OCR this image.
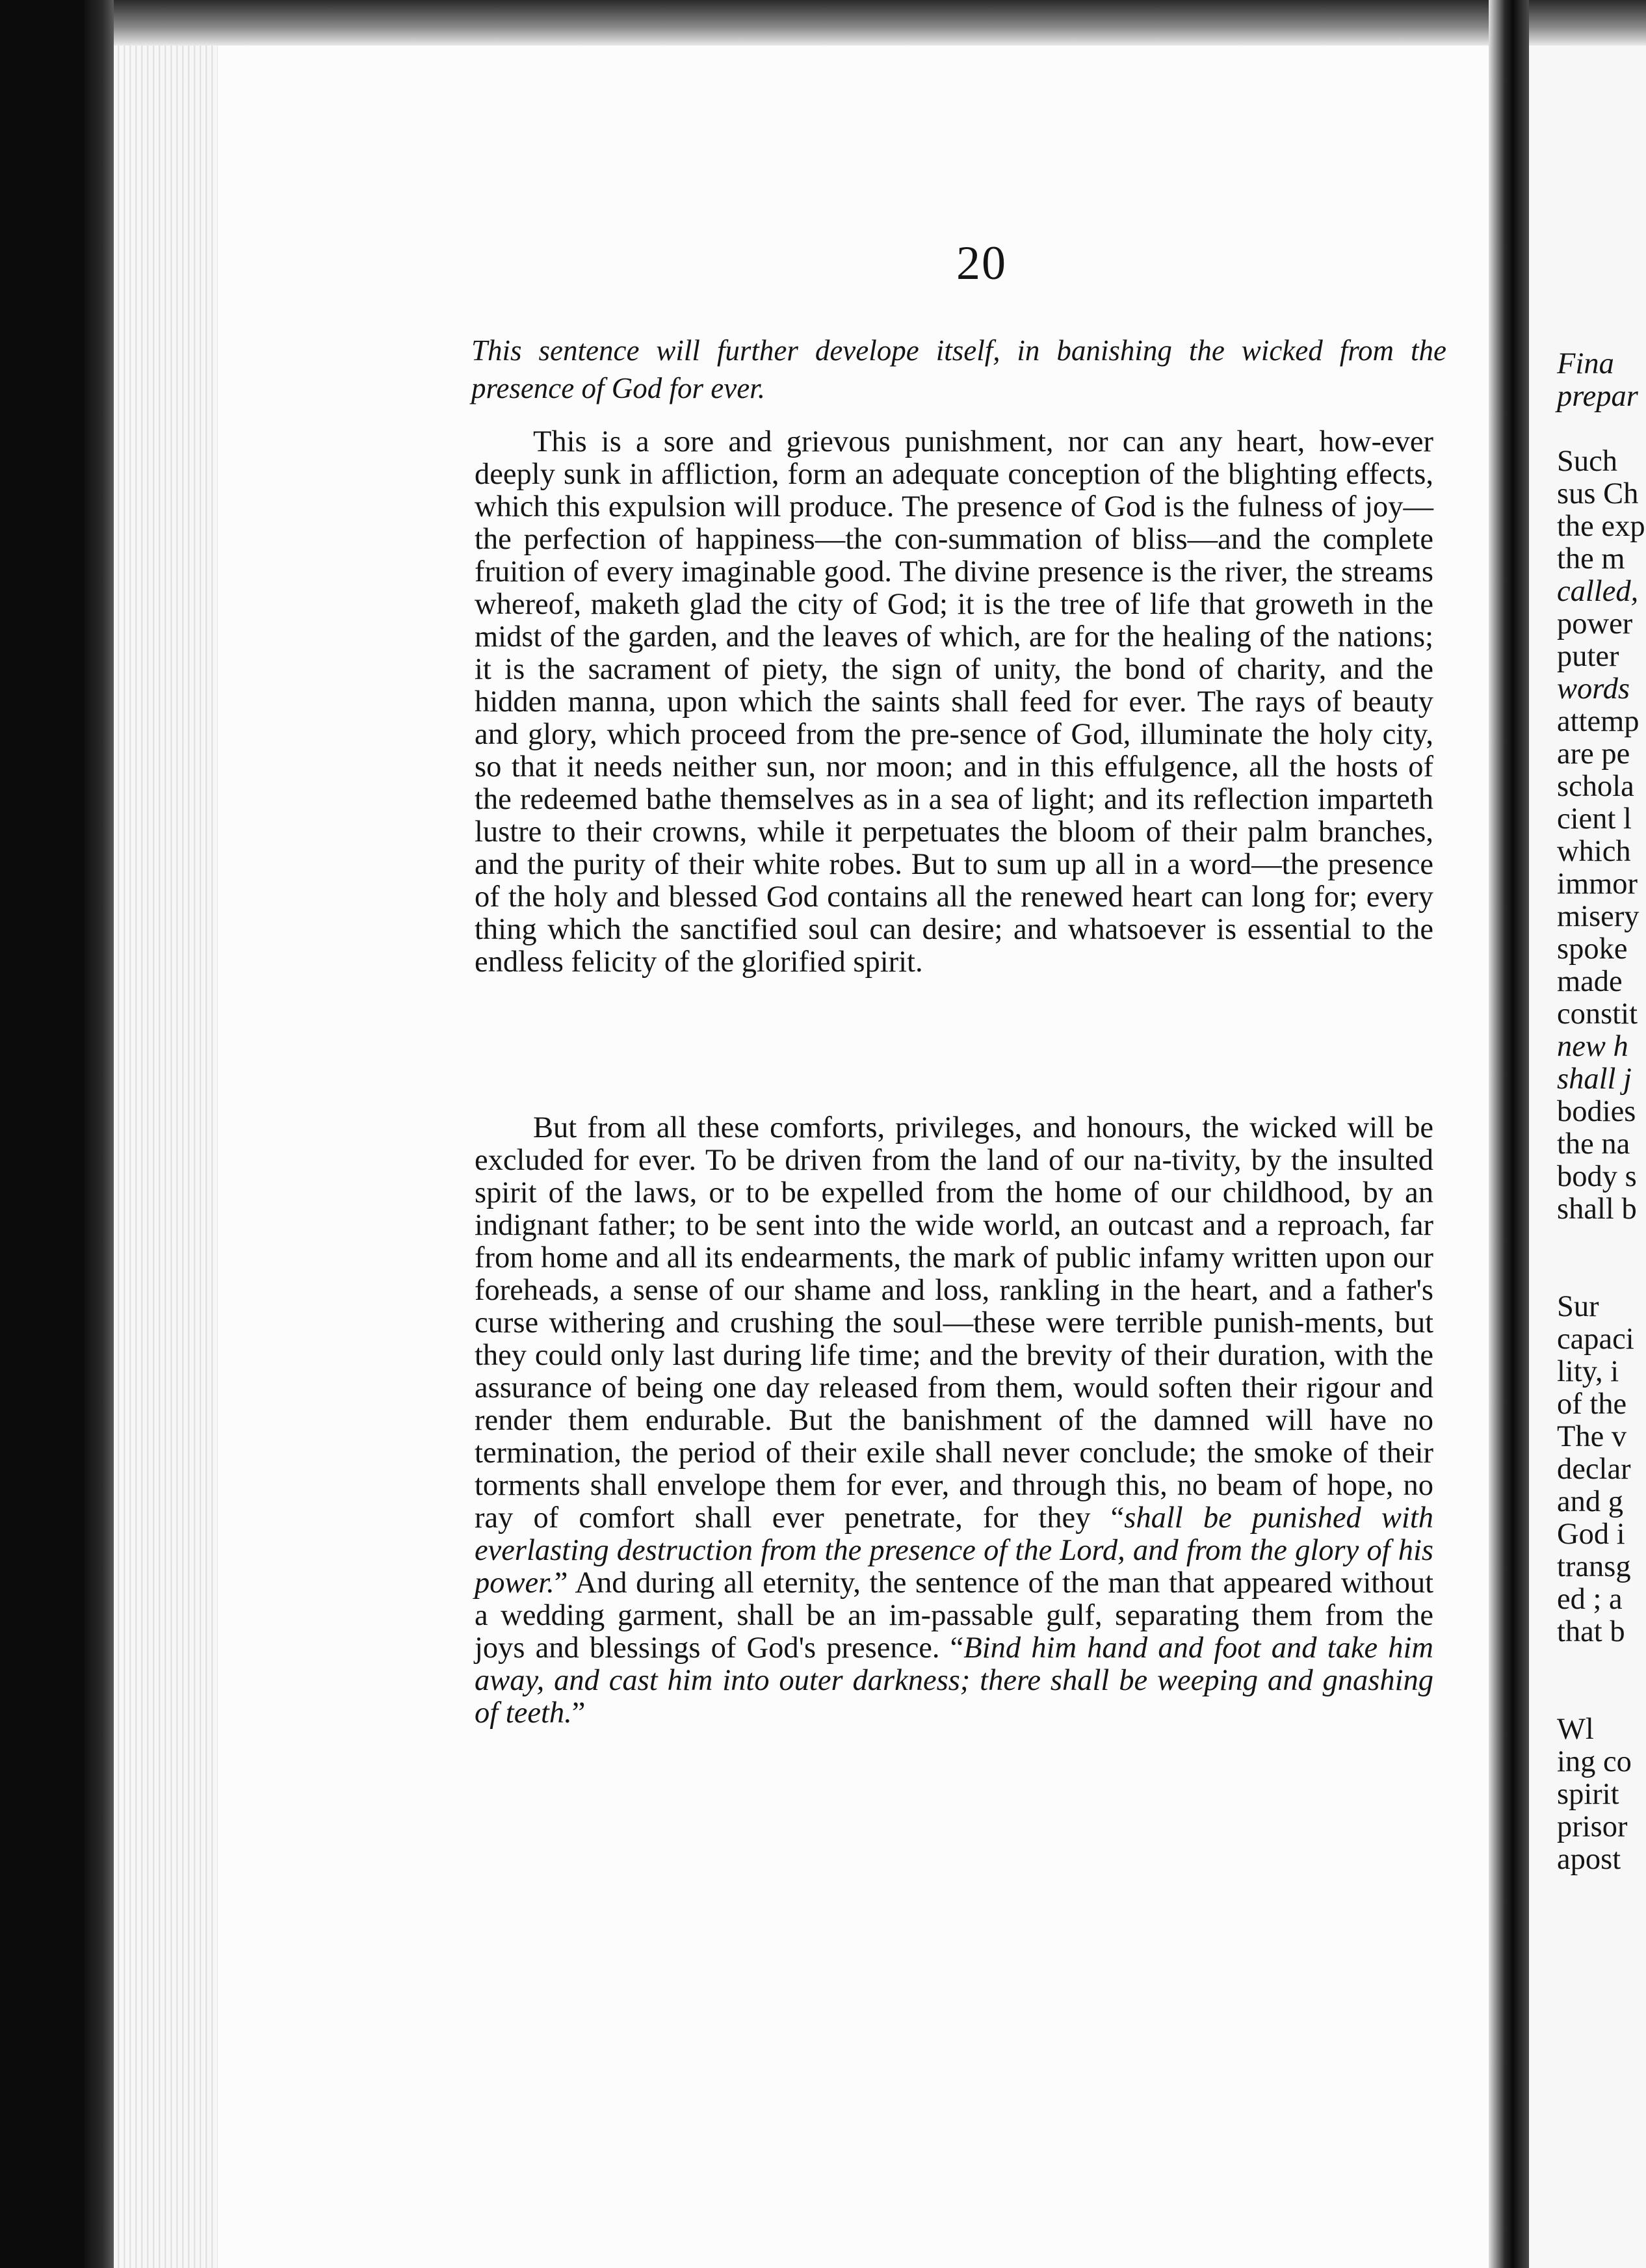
20
This sentence will further develope itself, in banishing the wicked from the presence of God for ever.

This is a sore and grievous punishment, nor can any heart, how-ever deeply sunk in affliction, form an adequate conception of the blighting effects, which this expulsion will produce. The presence of God is the fulness of joy—the perfection of happiness—the con-summation of bliss—and the complete fruition of every imaginable good. The divine presence is the river, the streams whereof, maketh glad the city of God; it is the tree of life that groweth in the midst of the garden, and the leaves of which, are for the healing of the nations; it is the sacrament of piety, the sign of unity, the bond of charity, and the hidden manna, upon which the saints shall feed for ever. The rays of beauty and glory, which proceed from the pre-sence of God, illuminate the holy city, so that it needs neither sun, nor moon; and in this effulgence, all the hosts of the redeemed bathe themselves as in a sea of light; and its reflection imparteth lustre to their crowns, while it perpetuates the bloom of their palm branches, and the purity of their white robes. But to sum up all in a word—the presence of the holy and blessed God contains all the renewed heart can long for; every thing which the sanctified soul can desire; and whatsoever is essential to the endless felicity of the glorified spirit.

But from all these comforts, privileges, and honours, the wicked will be excluded for ever. To be driven from the land of our na-tivity, by the insulted spirit of the laws, or to be expelled from the home of our childhood, by an indignant father; to be sent into the wide world, an outcast and a reproach, far from home and all its endearments, the mark of public infamy written upon our foreheads, a sense of our shame and loss, rankling in the heart, and a father's curse withering and crushing the soul—these were terrible punish-ments, but they could only last during life time; and the brevity of their duration, with the assurance of being one day released from them, would soften their rigour and render them endurable. But the banishment of the damned will have no termination, the period of their exile shall never conclude; the smoke of their torments shall envelope them for ever, and through this, no beam of hope, no ray of comfort shall ever penetrate, for they “shall be punished with everlasting destruction from the presence of the Lord, and from the glory of his power.” And during all eternity, the sentence of the man that appeared without a wedding garment, shall be an im-passable gulf, separating them from the joys and blessings of God's presence. “Bind him hand and foot and take him away, and cast him into outer darkness; there shall be weeping and gnashing of teeth.”

Fina
prepar
Such
sus Ch
the exp
the m
called,
power
puter
words
attemp
are pe
schola
cient l
which
immor
misery
spoke
made
constit
new h
shall j
bodies
the na
body s
shall b
Sur
capaci
lity, i
of the
The v
declar
and g
God i
transg
ed ; a
that b
Wl
ing co
spirit
prisor
apost
